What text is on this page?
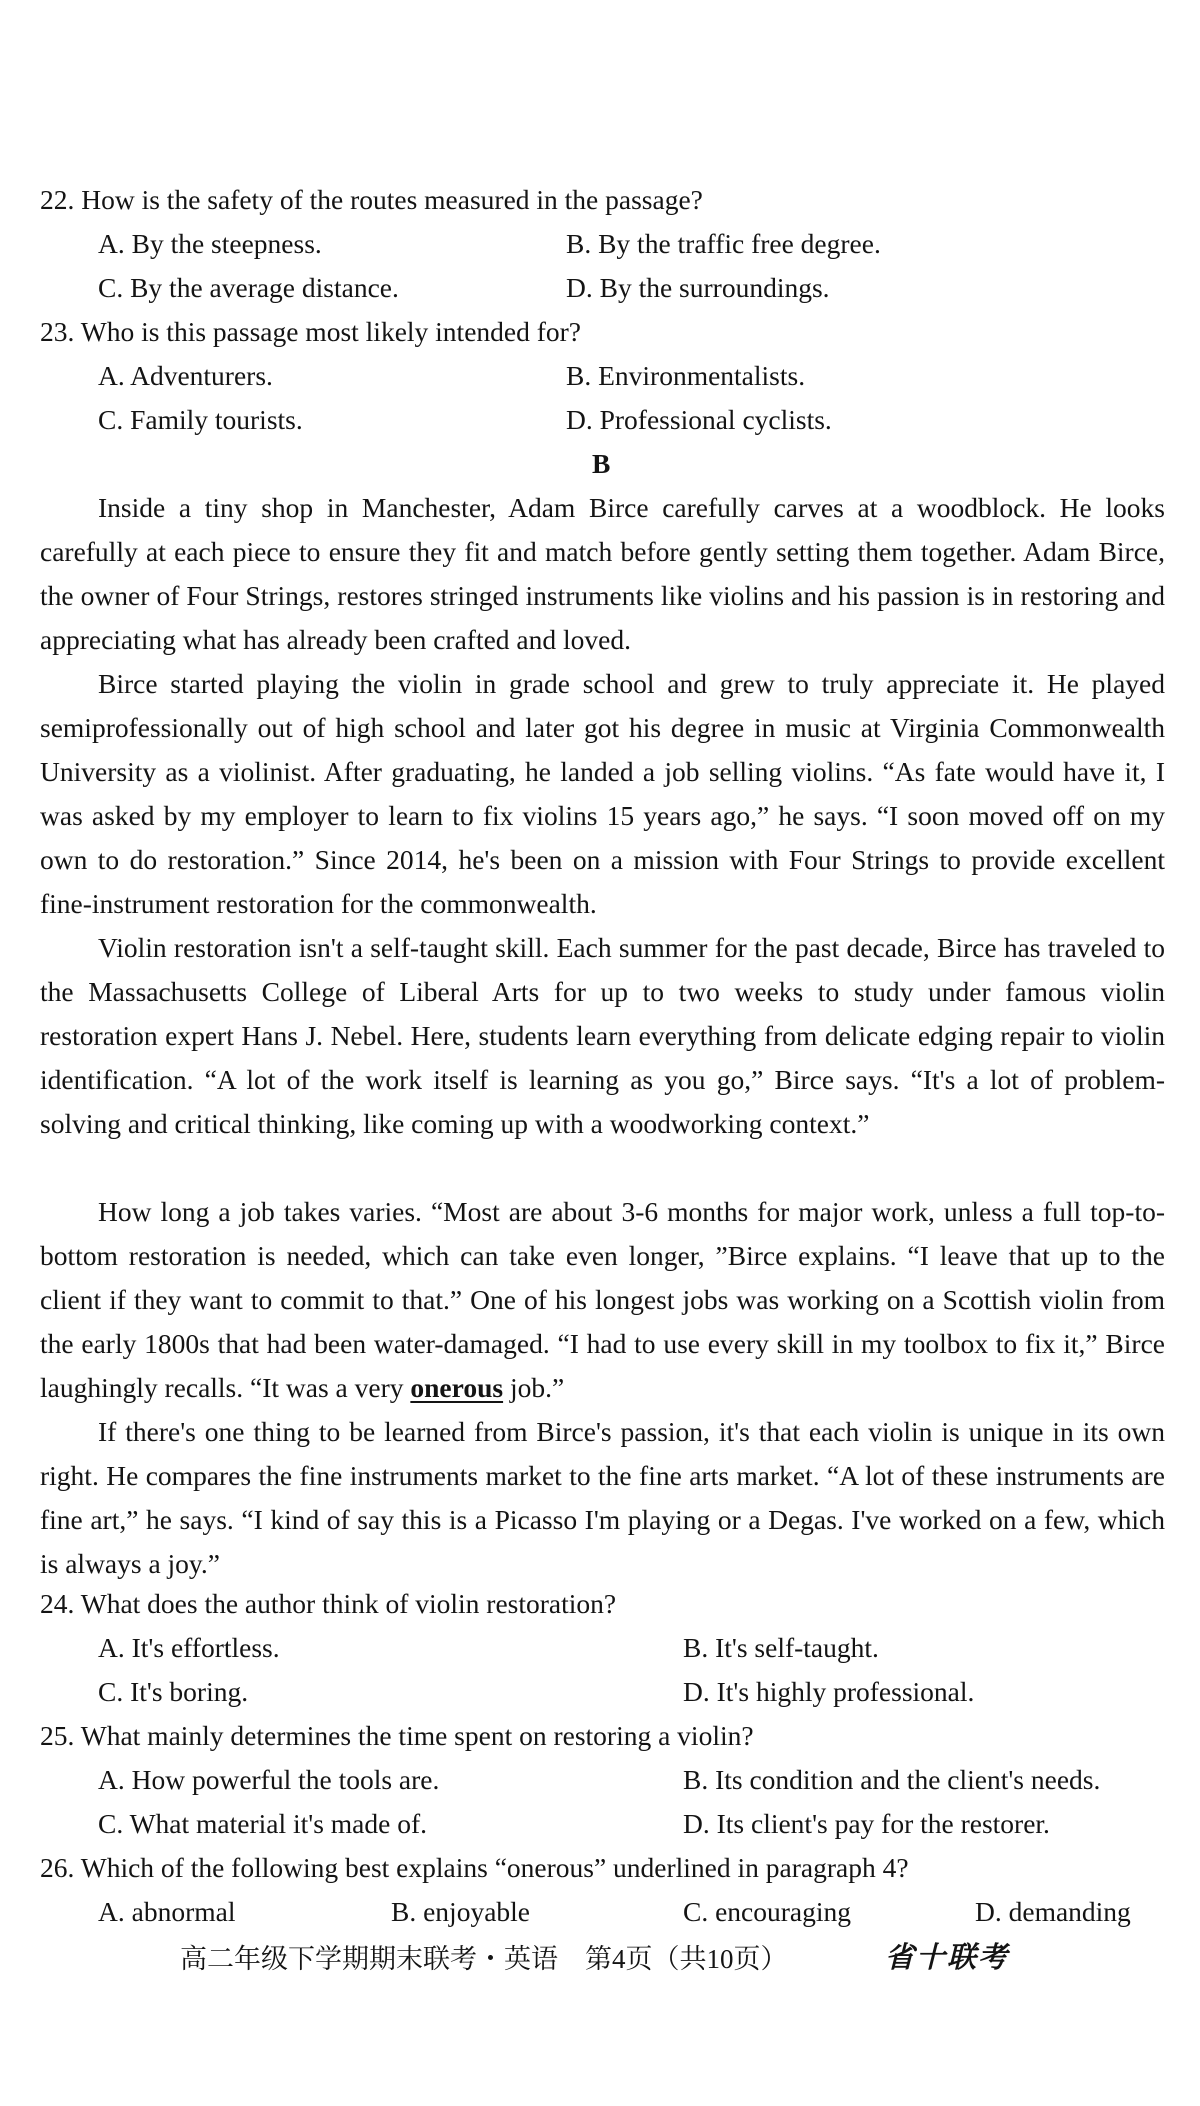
22. How is the safety of the routes measured in the passage?
A. By the steepness.	B. By the traffic free degree.
C. By the average distance.	D. By the surroundings.
23. Who is this passage most likely intended for?
A. Adventurers.	B. Environmentalists.
C. Family tourists.	D. Professional cyclists.
B
Inside a tiny shop in Manchester, Adam Birce carefully carves at a woodblock. He looks carefully at each piece to ensure they fit and match before gently setting them together. Adam Birce, the owner of Four Strings, restores stringed instruments like violins and his passion is in restoring and appreciating what has already been crafted and loved.
Birce started playing the violin in grade school and grew to truly appreciate it. He played semiprofessionally out of high school and later got his degree in music at Virginia Commonwealth University as a violinist. After graduating, he landed a job selling violins. “As fate would have it, I was asked by my employer to learn to fix violins 15 years ago,” he says. “I soon moved off on my own to do restoration.” Since 2014, he's been on a mission with Four Strings to provide excellent fine-instrument restoration for the commonwealth.
Violin restoration isn't a self-taught skill. Each summer for the past decade, Birce has traveled to the Massachusetts College of Liberal Arts for up to two weeks to study under famous violin restoration expert Hans J. Nebel. Here, students learn everything from delicate edging repair to violin identification. “A lot of the work itself is learning as you go,” Birce says. “It's a lot of problem-solving and critical thinking, like coming up with a woodworking context.”
How long a job takes varies. “Most are about 3-6 months for major work, unless a full top-to-bottom restoration is needed, which can take even longer, ”Birce explains. “I leave that up to the client if they want to commit to that.” One of his longest jobs was working on a Scottish violin from the early 1800s that had been water-damaged. “I had to use every skill in my toolbox to fix it,” Birce laughingly recalls. “It was a very onerous job.”
If there's one thing to be learned from Birce's passion, it's that each violin is unique in its own right. He compares the fine instruments market to the fine arts market. “A lot of these instruments are fine art,” he says. “I kind of say this is a Picasso I'm playing or a Degas. I've worked on a few, which is always a joy.”
24. What does the author think of violin restoration?
A. It's effortless.	B. It's self-taught.
C. It's boring.	D. It's highly professional.
25. What mainly determines the time spent on restoring a violin?
A. How powerful the tools are.	B. Its condition and the client's needs.
C. What material it's made of.	D. Its client's pay for the restorer.
26. Which of the following best explains “onerous” underlined in paragraph 4?
A. abnormal	B. enjoyable	C. encouraging	D. demanding
高二年级下学期期末联考・英语　第4页（共10页）	省十联考
